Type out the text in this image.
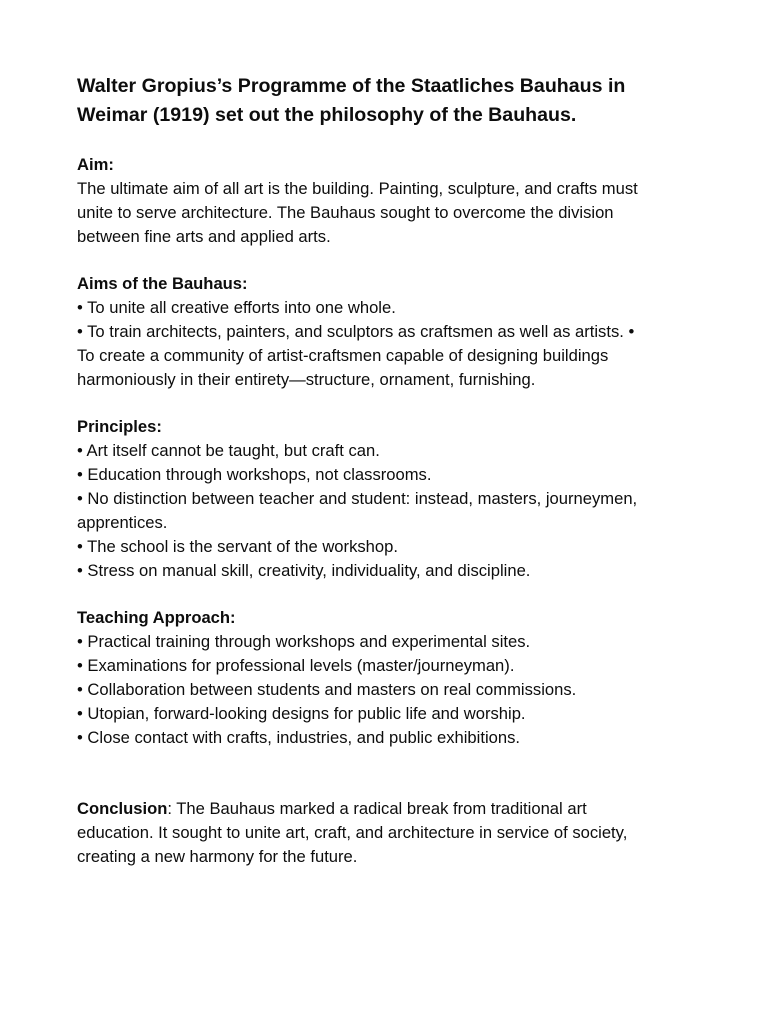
Walter Gropius’s Programme of the Staatliches Bauhaus in
Weimar (1919) set out the philosophy of the Bauhaus.

Aim:

The ultimate aim of all art is the building. Painting, sculpture, and crafts must
unite to serve architecture. The Bauhaus sought to overcome the division
between fine arts and applied arts.

Aims of the Bauhaus:

• To unite all creative efforts into one whole.
• To train architects, painters, and sculptors as craftsmen as well as artists. •
To create a community of artist-craftsmen capable of designing buildings
harmoniously in their entirety—structure, ornament, furnishing.

Principles:

• Art itself cannot be taught, but craft can.
• Education through workshops, not classrooms.
• No distinction between teacher and student: instead, masters, journeymen,
apprentices.
• The school is the servant of the workshop.
• Stress on manual skill, creativity, individuality, and discipline.

Teaching Approach:

• Practical training through workshops and experimental sites.
• Examinations for professional levels (master/journeyman).
• Collaboration between students and masters on real commissions.
• Utopian, forward-looking designs for public life and worship.
• Close contact with crafts, industries, and public exhibitions.

Conclusion: The Bauhaus marked a radical break from traditional art
education. It sought to unite art, craft, and architecture in service of society,
creating a new harmony for the future.
